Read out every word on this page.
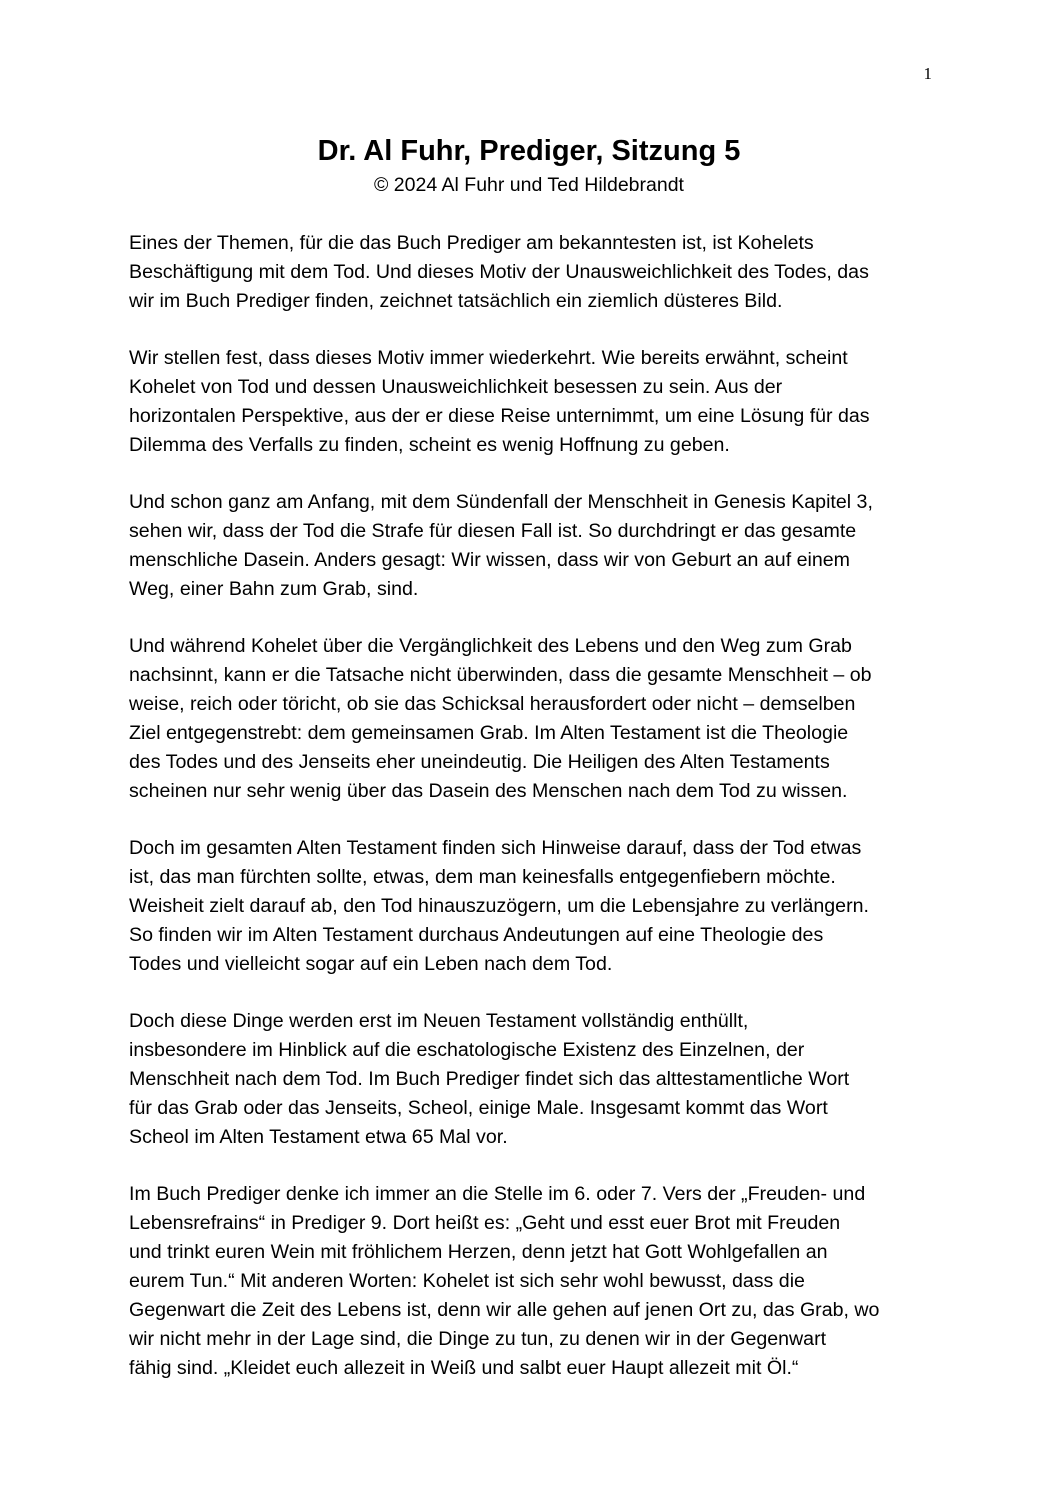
1
Dr. Al Fuhr, Prediger, Sitzung 5

© 2024 Al Fuhr und Ted Hildebrandt

Eines der Themen, für die das Buch Prediger am bekanntesten ist, ist Kohelets
Beschäftigung mit dem Tod. Und dieses Motiv der Unausweichlichkeit des Todes, das
wir im Buch Prediger finden, zeichnet tatsächlich ein ziemlich düsteres Bild.

Wir stellen fest, dass dieses Motiv immer wiederkehrt. Wie bereits erwähnt, scheint
Kohelet von Tod und dessen Unausweichlichkeit besessen zu sein. Aus der
horizontalen Perspektive, aus der er diese Reise unternimmt, um eine Lösung für das
Dilemma des Verfalls zu finden, scheint es wenig Hoffnung zu geben.

Und schon ganz am Anfang, mit dem Sündenfall der Menschheit in Genesis Kapitel 3,
sehen wir, dass der Tod die Strafe für diesen Fall ist. So durchdringt er das gesamte
menschliche Dasein. Anders gesagt: Wir wissen, dass wir von Geburt an auf einem
Weg, einer Bahn zum Grab, sind.

Und während Kohelet über die Vergänglichkeit des Lebens und den Weg zum Grab
nachsinnt, kann er die Tatsache nicht überwinden, dass die gesamte Menschheit – ob
weise, reich oder töricht, ob sie das Schicksal herausfordert oder nicht – demselben
Ziel entgegenstrebt: dem gemeinsamen Grab. Im Alten Testament ist die Theologie
des Todes und des Jenseits eher uneindeutig. Die Heiligen des Alten Testaments
scheinen nur sehr wenig über das Dasein des Menschen nach dem Tod zu wissen.

Doch im gesamten Alten Testament finden sich Hinweise darauf, dass der Tod etwas
ist, das man fürchten sollte, etwas, dem man keinesfalls entgegenfiebern möchte.
Weisheit zielt darauf ab, den Tod hinauszuzögern, um die Lebensjahre zu verlängern.
So finden wir im Alten Testament durchaus Andeutungen auf eine Theologie des
Todes und vielleicht sogar auf ein Leben nach dem Tod.

Doch diese Dinge werden erst im Neuen Testament vollständig enthüllt,
insbesondere im Hinblick auf die eschatologische Existenz des Einzelnen, der
Menschheit nach dem Tod. Im Buch Prediger findet sich das alttestamentliche Wort
für das Grab oder das Jenseits, Scheol, einige Male. Insgesamt kommt das Wort
Scheol im Alten Testament etwa 65 Mal vor.

Im Buch Prediger denke ich immer an die Stelle im 6. oder 7. Vers der „Freuden- und
Lebensrefrains“ in Prediger 9. Dort heißt es: „Geht und esst euer Brot mit Freuden
und trinkt euren Wein mit fröhlichem Herzen, denn jetzt hat Gott Wohlgefallen an
eurem Tun.“ Mit anderen Worten: Kohelet ist sich sehr wohl bewusst, dass die
Gegenwart die Zeit des Lebens ist, denn wir alle gehen auf jenen Ort zu, das Grab, wo
wir nicht mehr in der Lage sind, die Dinge zu tun, zu denen wir in der Gegenwart
fähig sind. „Kleidet euch allezeit in Weiß und salbt euer Haupt allezeit mit Öl.“
